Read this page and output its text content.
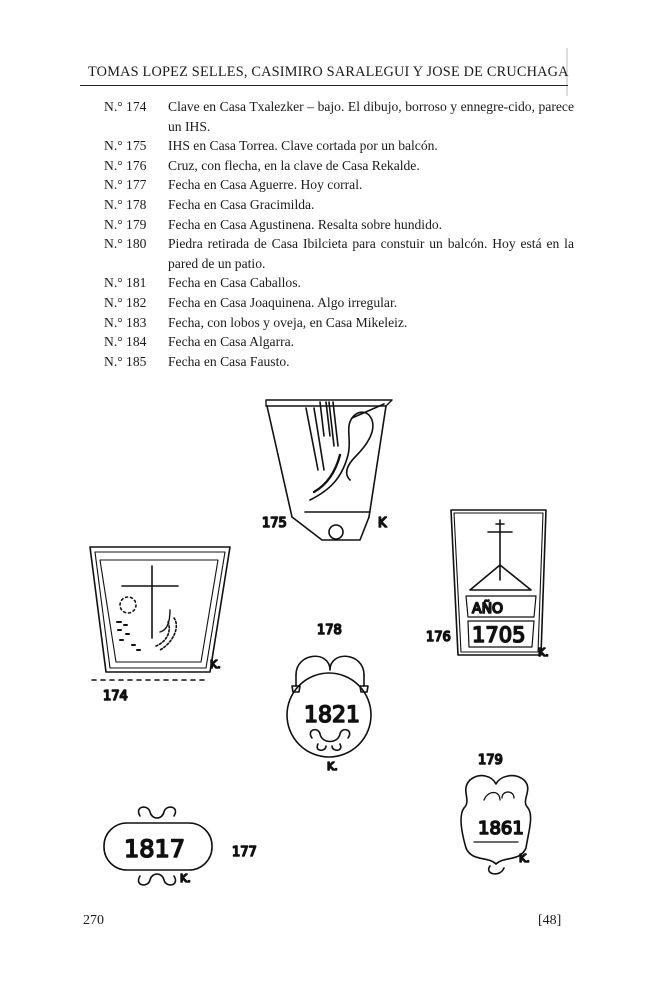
TOMAS LOPEZ SELLES, CASIMIRO SARALEGUI Y JOSE DE CRUCHAGA
N.° 174	Clave en Casa Txalezker – bajo. El dibujo, borroso y ennegre-cido, parece un IHS.
N.° 175	IHS en Casa Torrea. Clave cortada por un balcón.
N.° 176	Cruz, con flecha, en la clave de Casa Rekalde.
N.° 177	Fecha en Casa Aguerre. Hoy corral.
N.° 178	Fecha en Casa Gracimilda.
N.° 179	Fecha en Casa Agustinena. Resalta sobre hundido.
N.° 180	Piedra retirada de Casa Ibilcieta para constuir un balcón. Hoy está en la pared de un patio.
N.° 181	Fecha en Casa Caballos.
N.° 182	Fecha en Casa Joaquinena. Algo irregular.
N.° 183	Fecha, con lobos y oveja, en Casa Mikeleiz.
N.° 184	Fecha en Casa Algarra.
N.° 185	Fecha en Casa Fausto.
175	K
AÑO
1705
176
K.
174
K.
1821
178
K.
1861
179
K.
1817	177
K.
270	[48]
